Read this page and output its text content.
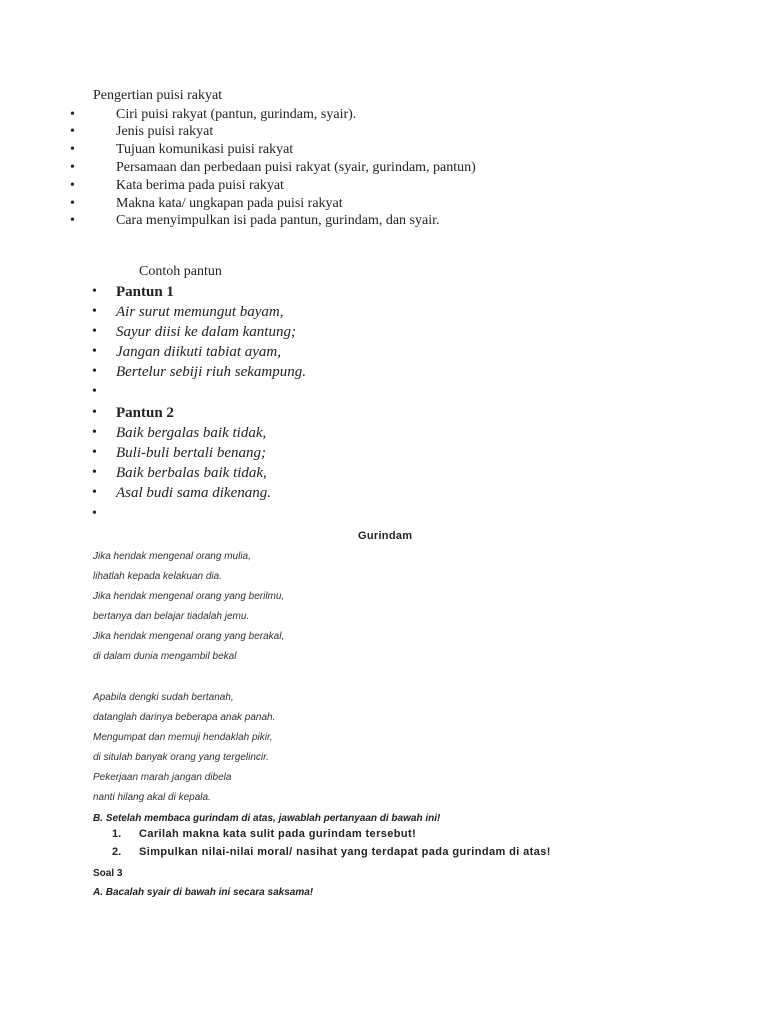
Pengertian puisi rakyat
•	Ciri puisi rakyat (pantun, gurindam, syair).
•	Jenis puisi rakyat
•	Tujuan komunikasi puisi rakyat
•	Persamaan dan perbedaan puisi rakyat (syair, gurindam, pantun)
•	Kata berima pada puisi rakyat
•	Makna kata/ ungkapan pada puisi rakyat
•	Cara menyimpulkan isi pada pantun, gurindam, dan syair.
Contoh pantun
• Pantun 1
• Air surut memungut bayam,
• Sayur diisi ke dalam kantung;
• Jangan diikuti tabiat ayam,
• Bertelur sebiji riuh sekampung.
•
• Pantun 2
• Baik bergalas baik tidak,
• Buli-buli bertali benang;
• Baik berbalas baik tidak,
• Asal budi sama dikenang.
•
Gurindam
Jika hendak mengenal orang mulia,
lihatlah kepada kelakuan dia.
Jika hendak mengenal orang yang berilmu,
bertanya dan belajar tiadalah jemu.
Jika hendak mengenal orang yang berakal,
di dalam dunia mengambil bekal
Apabila dengki sudah bertanah,
datanglah darinya beberapa anak panah.
Mengumpat dan memuji hendaklah pikir,
di situlah banyak orang yang tergelincir.
Pekerjaan marah jangan dibela
nanti hilang akal di kepala.
B. Setelah membaca gurindam di atas, jawablah pertanyaan di bawah ini!
1. Carilah makna kata sulit pada gurindam tersebut!
2. Simpulkan nilai-nilai moral/ nasihat yang terdapat pada gurindam di atas!
Soal 3
A. Bacalah syair di bawah ini secara saksama!
